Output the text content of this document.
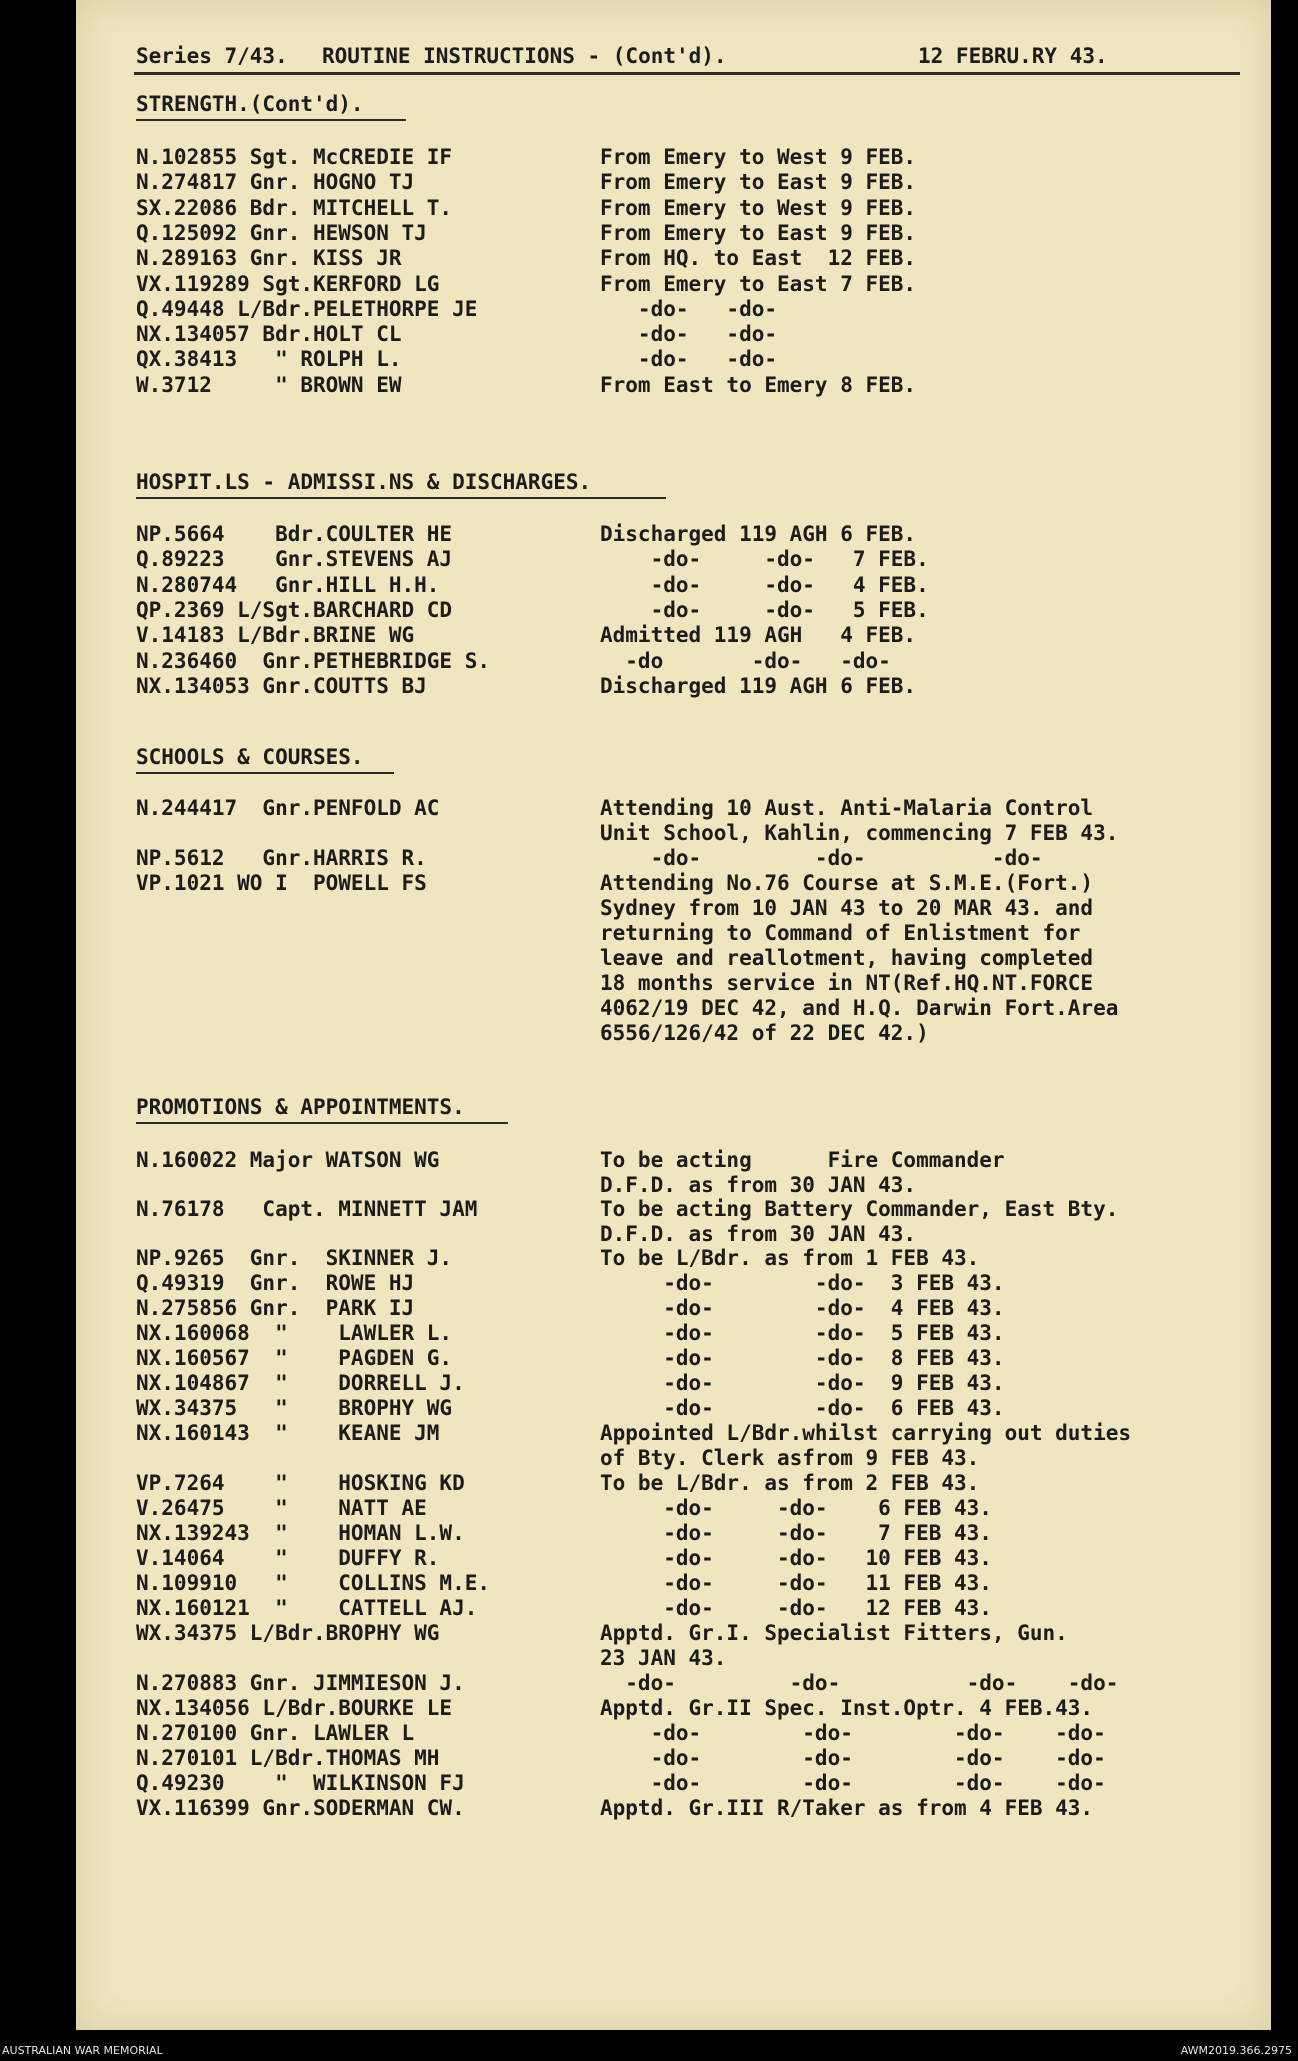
Series 7/43. ROUTINE INSTRUCTIONS - (Cont'd).	12 FEBRU.RY 43.
STRENGTH.(Cont'd).
N.102855 Sgt. McCREDIE IF	From Emery to West 9 FEB.
N.274817 Gnr. HOGNO TJ	From Emery to East 9 FEB.
SX.22086 Bdr. MITCHELL T.	From Emery to West 9 FEB.
Q.125092 Gnr. HEWSON TJ	From Emery to East 9 FEB.
N.289163 Gnr. KISS JR	From HQ. to East  12 FEB.
VX.119289 Sgt.KERFORD LG	From Emery to East 7 FEB.
Q.49448 L/Bdr.PELETHORPE JE	-do-   -do-
NX.134057 Bdr.HOLT CL	-do-   -do-
QX.38413   " ROLPH L.	-do-   -do-
W.3712     " BROWN EW	From East to Emery 8 FEB.
HOSPIT.LS - ADMISSI.NS & DISCHARGES.
NP.5664    Bdr.COULTER HE	Discharged 119 AGH 6 FEB.
Q.89223    Gnr.STEVENS AJ	-do-     -do-   7 FEB.
N.280744   Gnr.HILL H.H.	-do-     -do-   4 FEB.
QP.2369 L/Sgt.BARCHARD CD	-do-     -do-   5 FEB.
V.14183 L/Bdr.BRINE WG	Admitted 119 AGH   4 FEB.
N.236460  Gnr.PETHEBRIDGE S.	-do       -do-   -do-
NX.134053 Gnr.COUTTS BJ	Discharged 119 AGH 6 FEB.
SCHOOLS & COURSES.
N.244417  Gnr.PENFOLD AC	Attending 10 Aust. Anti-Malaria Control
Unit School, Kahlin, commencing 7 FEB 43.
NP.5612   Gnr.HARRIS R.	-do-         -do-          -do-
VP.1021 WO I  POWELL FS	Attending No.76 Course at S.M.E.(Fort.)
Sydney from 10 JAN 43 to 20 MAR 43. and
returning to Command of Enlistment for
leave and reallotment, having completed
18 months service in NT(Ref.HQ.NT.FORCE
4062/19 DEC 42, and H.Q. Darwin Fort.Area
6556/126/42 of 22 DEC 42.)
PROMOTIONS & APPOINTMENTS.
N.160022 Major WATSON WG	To be acting      Fire Commander
D.F.D. as from 30 JAN 43.
N.76178   Capt. MINNETT JAM	To be acting Battery Commander, East Bty.
D.F.D. as from 30 JAN 43.
NP.9265  Gnr.  SKINNER J.	To be L/Bdr. as from 1 FEB 43.
Q.49319  Gnr.  ROWE HJ	-do-        -do-  3 FEB 43.
N.275856 Gnr.  PARK IJ	-do-        -do-  4 FEB 43.
NX.160068  "    LAWLER L.	-do-        -do-  5 FEB 43.
NX.160567  "    PAGDEN G.	-do-        -do-  8 FEB 43.
NX.104867  "    DORRELL J.	-do-        -do-  9 FEB 43.
WX.34375   "    BROPHY WG	-do-        -do-  6 FEB 43.
NX.160143  "    KEANE JM	Appointed L/Bdr.whilst carrying out duties
of Bty. Clerk asfrom 9 FEB 43.
VP.7264    "    HOSKING KD	To be L/Bdr. as from 2 FEB 43.
V.26475    "    NATT AE	-do-     -do-    6 FEB 43.
NX.139243  "    HOMAN L.W.	-do-     -do-    7 FEB 43.
V.14064    "    DUFFY R.	-do-     -do-   10 FEB 43.
N.109910   "    COLLINS M.E.	-do-     -do-   11 FEB 43.
NX.160121  "    CATTELL AJ.	-do-     -do-   12 FEB 43.
WX.34375 L/Bdr.BROPHY WG	Apptd. Gr.I. Specialist Fitters, Gun.
23 JAN 43.
N.270883 Gnr. JIMMIESON J.	-do-         -do-          -do-    -do-
NX.134056 L/Bdr.BOURKE LE	Apptd. Gr.II Spec. Inst.Optr. 4 FEB.43.
N.270100 Gnr. LAWLER L	-do-        -do-        -do-    -do-
N.270101 L/Bdr.THOMAS MH	-do-        -do-        -do-    -do-
Q.49230    "  WILKINSON FJ	-do-        -do-        -do-    -do-
VX.116399 Gnr.SODERMAN CW.	Apptd. Gr.III R/Taker as from 4 FEB 43.
AUSTRALIAN WAR MEMORIAL	AWM2019.366.2975
